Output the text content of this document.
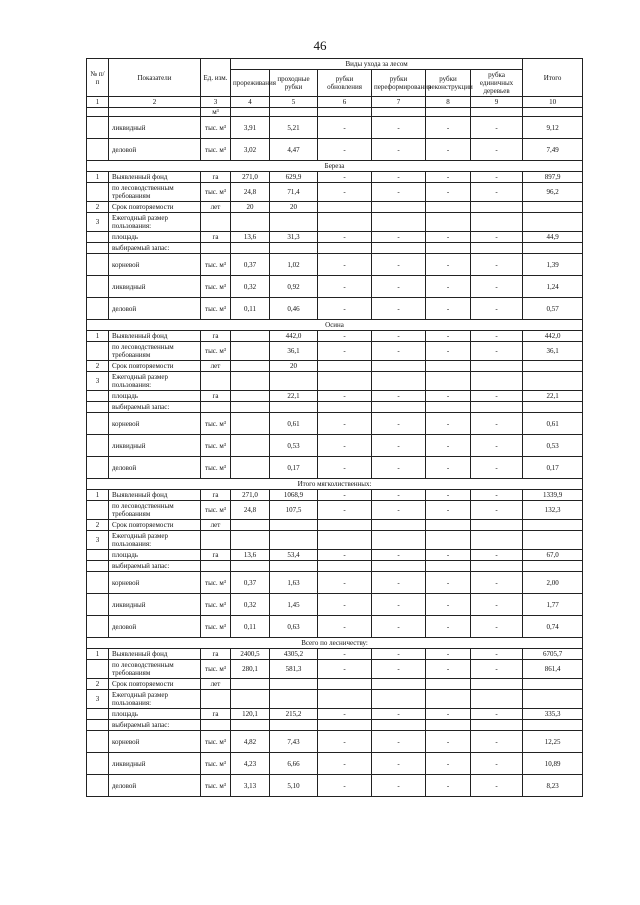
46
№ п/п	Показатели	Ед. изм.	Виды ухода за лесом						Итого
			прореживания	проходные рубки	рубки обновления	рубки переформирования	рубки реконструкции	рубка единичных деревьев	
1	2	3	4	5	6	7	8	9	10
		м³							
	ликвидный	тыс. м³	3,91	5,21	-	-	-	-	9,12
	деловой	тыс. м³	3,02	4,47	-	-	-	-	7,49
Береза									
1	Выявленный фонд	га	271,0	629,9	-	-	-	-	897,9
	по лесоводственным требованиям	тыс. м³	24,8	71,4	-	-	-	-	96,2
2	Срок повторяемости	лет	20	20					
3	Ежегодный размер пользования:								
	площадь	га	13,6	31,3	-	-	-	-	44,9
	выбираемый запас:								
	корневой	тыс. м³	0,37	1,02	-	-	-	-	1,39
	ликвидный	тыс. м³	0,32	0,92	-	-	-	-	1,24
	деловой	тыс. м³	0,11	0,46	-	-	-	-	0,57
Осина									
1	Выявленный фонд	га		442,0	-	-	-	-	442,0
	по лесоводственным требованиям	тыс. м³		36,1	-	-	-	-	36,1
2	Срок повторяемости	лет		20					
3	Ежегодный размер пользования:								
	площадь	га		22,1	-	-	-	-	22,1
	выбираемый запас:								
	корневой	тыс. м³		0,61	-	-	-	-	0,61
	ликвидный	тыс. м³		0,53	-	-	-	-	0,53
	деловой	тыс. м³		0,17	-	-	-	-	0,17
Итого мягколиственных:									
1	Выявленный фонд	га	271,0	1068,9	-	-	-	-	1339,9
	по лесоводственным требованиям	тыс. м³	24,8	107,5	-	-	-	-	132,3
2	Срок повторяемости	лет							
3	Ежегодный размер пользования:								
	площадь	га	13,6	53,4	-	-	-	-	67,0
	выбираемый запас:								
	корневой	тыс. м³	0,37	1,63	-	-	-	-	2,00
	ликвидный	тыс. м³	0,32	1,45	-	-	-	-	1,77
	деловой	тыс. м³	0,11	0,63	-	-	-	-	0,74
Всего по лесничеству:									
1	Выявленный фонд	га	2400,5	4305,2	-	-	-	-	6705,7
	по лесоводственным требованиям	тыс. м³	280,1	581,3	-	-	-	-	861,4
2	Срок повторяемости	лет							
3	Ежегодный размер пользования:								
	площадь	га	120,1	215,2	-	-	-	-	335,3
	выбираемый запас:								
	корневой	тыс. м³	4,82	7,43	-	-	-	-	12,25
	ликвидный	тыс. м³	4,23	6,66	-	-	-	-	10,89
	деловой	тыс. м³	3,13	5,10	-	-	-	-	8,23
